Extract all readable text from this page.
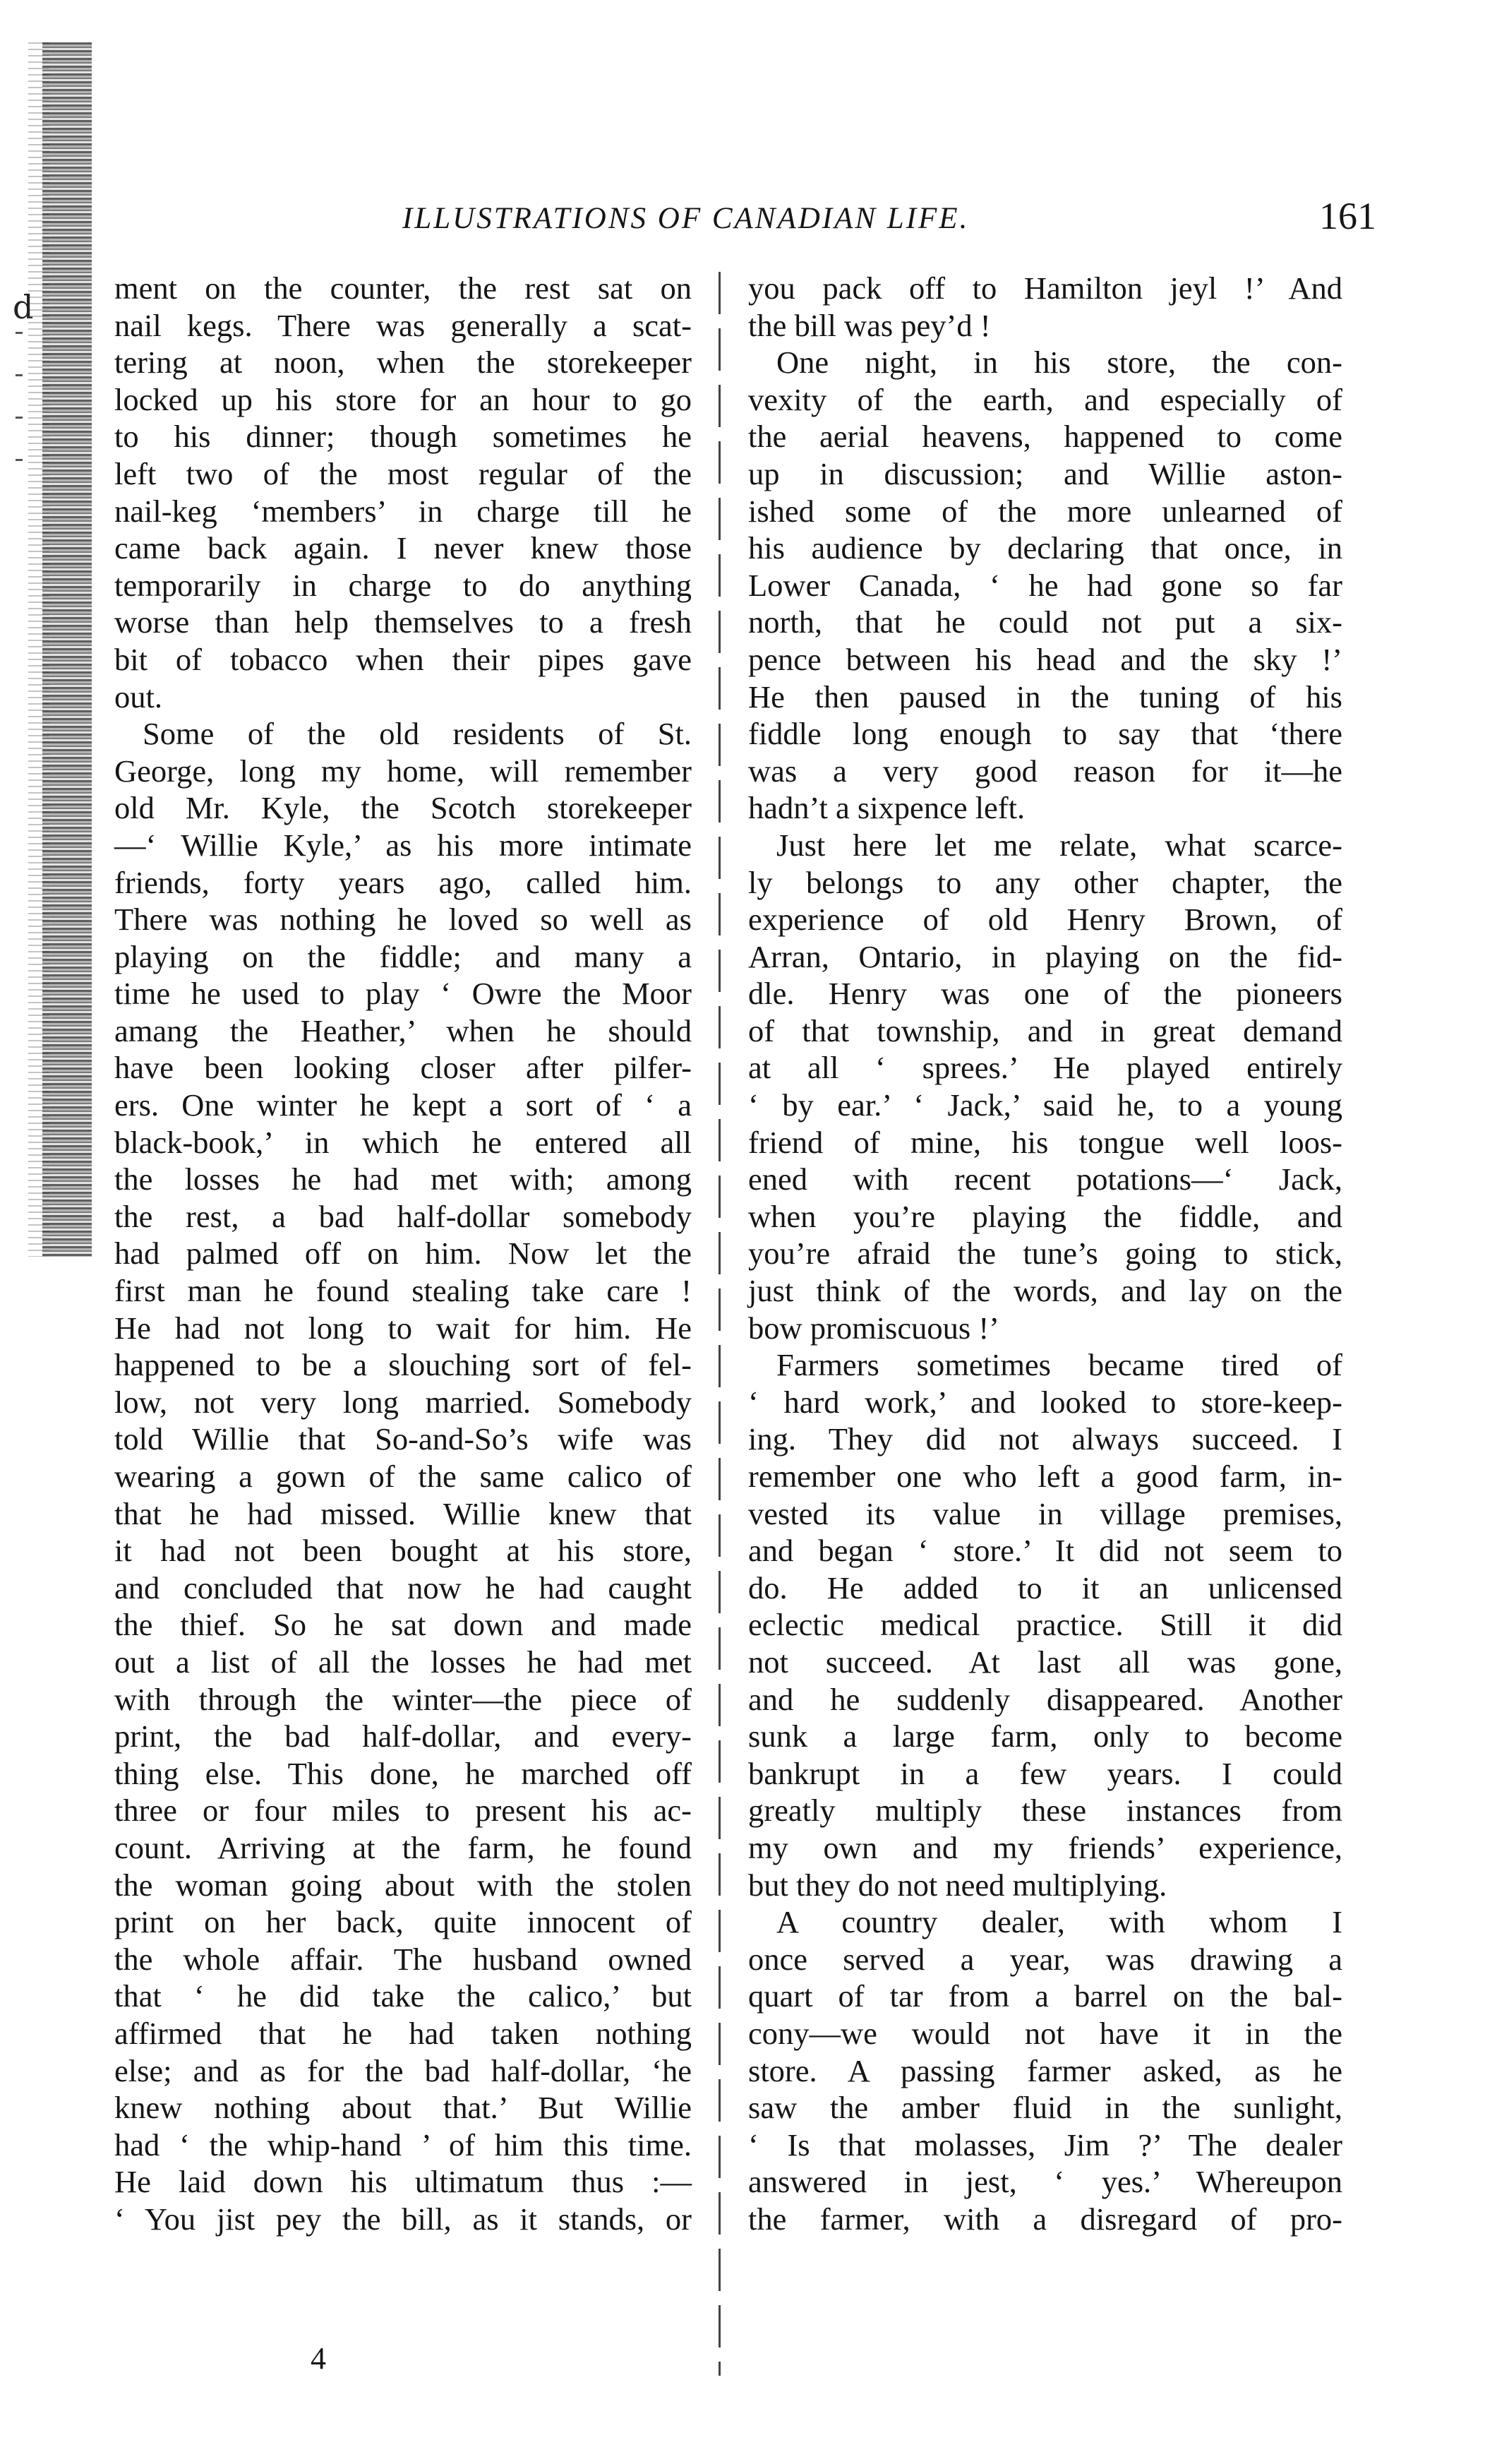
d
ILLUSTRATIONS OF CANADIAN LIFE.	161
ment on the counter, the rest sat on
nail kegs. There was generally a scat-
tering at noon, when the storekeeper
locked up his store for an hour to go
to his dinner; though sometimes he
left two of the most regular of the
nail-keg ‘members’ in charge till he
came back again. I never knew those
temporarily in charge to do anything
worse than help themselves to a fresh
bit of tobacco when their pipes gave
out.
Some of the old residents of St.
George, long my home, will remember
old Mr. Kyle, the Scotch storekeeper
—‘ Willie Kyle,’ as his more intimate
friends, forty years ago, called him.
There was nothing he loved so well as
playing on the fiddle; and many a
time he used to play ‘ Owre the Moor
amang the Heather,’ when he should
have been looking closer after pilfer-
ers. One winter he kept a sort of ‘ a
black-book,’ in which he entered all
the losses he had met with; among
the rest, a bad half-dollar somebody
had palmed off on him. Now let the
first man he found stealing take care !
He had not long to wait for him. He
happened to be a slouching sort of fel-
low, not very long married. Somebody
told Willie that So-and-So’s wife was
wearing a gown of the same calico of
that he had missed. Willie knew that
it had not been bought at his store,
and concluded that now he had caught
the thief. So he sat down and made
out a list of all the losses he had met
with through the winter—the piece of
print, the bad half-dollar, and every-
thing else. This done, he marched off
three or four miles to present his ac-
count. Arriving at the farm, he found
the woman going about with the stolen
print on her back, quite innocent of
the whole affair. The husband owned
that ‘ he did take the calico,’ but
affirmed that he had taken nothing
else; and as for the bad half-dollar, ‘he
knew nothing about that.’ But Willie
had ‘ the whip-hand ’ of him this time.
He laid down his ultimatum thus :—
‘ You jist pey the bill, as it stands, or
you pack off to Hamilton jeyl !’ And
the bill was pey’d !
One night, in his store, the con-
vexity of the earth, and especially of
the aerial heavens, happened to come
up in discussion; and Willie aston-
ished some of the more unlearned of
his audience by declaring that once, in
Lower Canada, ‘ he had gone so far
north, that he could not put a six-
pence between his head and the sky !’
He then paused in the tuning of his
fiddle long enough to say that ‘there
was a very good reason for it—he
hadn’t a sixpence left.
Just here let me relate, what scarce-
ly belongs to any other chapter, the
experience of old Henry Brown, of
Arran, Ontario, in playing on the fid-
dle. Henry was one of the pioneers
of that township, and in great demand
at all ‘ sprees.’ He played entirely
‘ by ear.’ ‘ Jack,’ said he, to a young
friend of mine, his tongue well loos-
ened with recent potations—‘ Jack,
when you’re playing the fiddle, and
you’re afraid the tune’s going to stick,
just think of the words, and lay on the
bow promiscuous !’
Farmers sometimes became tired of
‘ hard work,’ and looked to store-keep-
ing. They did not always succeed. I
remember one who left a good farm, in-
vested its value in village premises,
and began ‘ store.’ It did not seem to
do. He added to it an unlicensed
eclectic medical practice. Still it did
not succeed. At last all was gone,
and he suddenly disappeared. Another
sunk a large farm, only to become
bankrupt in a few years. I could
greatly multiply these instances from
my own and my friends’ experience,
but they do not need multiplying.
A country dealer, with whom I
once served a year, was drawing a
quart of tar from a barrel on the bal-
cony—we would not have it in the
store. A passing farmer asked, as he
saw the amber fluid in the sunlight,
‘ Is that molasses, Jim ?’ The dealer
answered in jest, ‘ yes.’ Whereupon
the farmer, with a disregard of pro-
4
